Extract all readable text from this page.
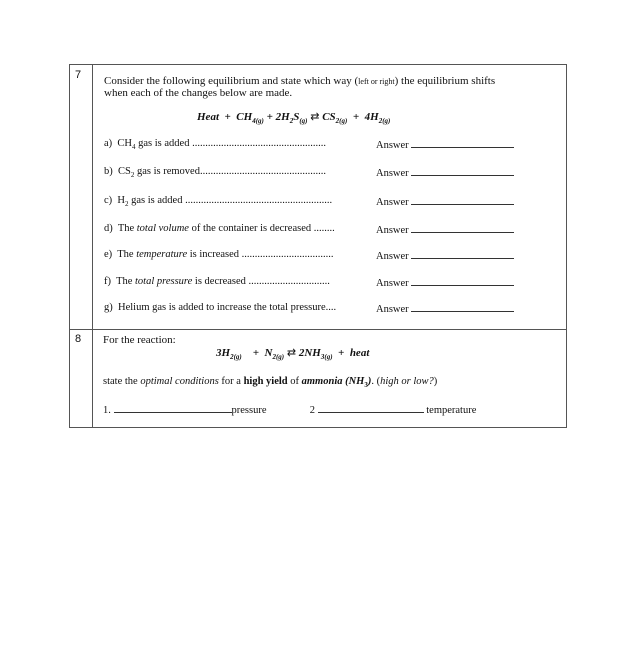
7 Consider the following equilibrium and state which way (left or right) the equilibrium shifts
when each of the changes below are made.
Heat + $CH_{4(g)} + 2H_2S_{(g)}$ ⇄ $CS_{2(g)} + 4H_{2(g)}$
a) $CH_4$ gas is added ...................................................	Answer
b) $CS_2$ gas is removed................................................	Answer
c) $H_2$ gas is added ........................................................	Answer
d) The total volume of the container is decreased ........	Answer
e) The temperature is increased ...................................	Answer
f) The total pressure is decreased ...............................	Answer
g) Helium gas is added to increase the total pressure....	Answer
8 For the reaction:
$3H_{2(g)} + N_{2(g)}$ ⇄ $2NH_{3(g)}$ + heat
state the optimal conditions for a high yield of ammonia $(NH_3)$. (high or low?)
1.	pressure	2	temperature
